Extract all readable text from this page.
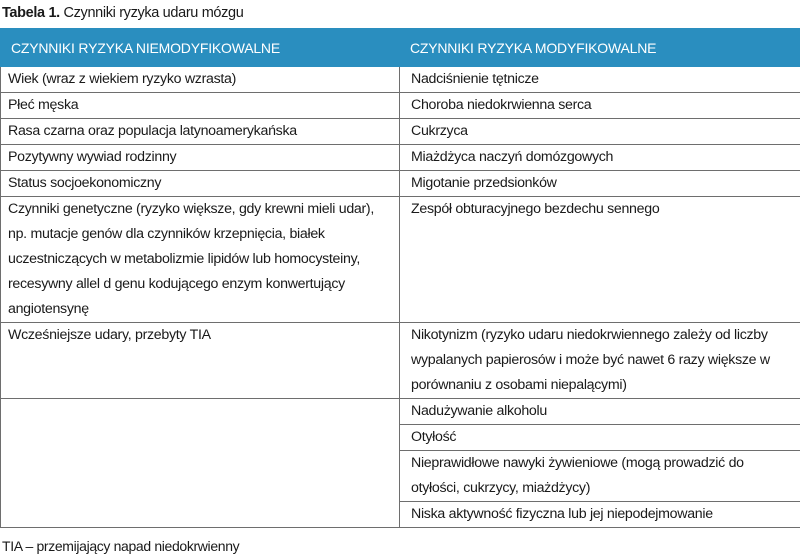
Tabela 1. Czynniki ryzyka udaru mózgu
CZYNNIKI RYZYKA NIEMODYFIKOWALNE	CZYNNIKI RYZYKA MODYFIKOWALNE
Wiek (wraz z wiekiem ryzyko wzrasta)	Nadciśnienie tętnicze
Płeć męska	Choroba niedokrwienna serca
Rasa czarna oraz populacja latynoamerykańska	Cukrzyca
Pozytywny wywiad rodzinny	Miażdżyca naczyń domózgowych
Status socjoekonomiczny	Migotanie przedsionków
Czynniki genetyczne (ryzyko większe, gdy krewni mieli udar), np. mutacje genów dla czynników krzepnięcia, białek uczestniczących w metabolizmie lipidów lub homocysteiny, recesywny allel d genu kodującego enzym konwertujący angiotensynę	Zespół obturacyjnego bezdechu sennego
Wcześniejsze udary, przebyty TIA	Nikotynizm (ryzyko udaru niedokrwiennego zależy od liczby wypalanych papierosów i może być nawet 6 razy większe w porównaniu z osobami niepalącymi)
	Nadużywanie alkoholu
	Otyłość
	Nieprawidłowe nawyki żywieniowe (mogą prowadzić do otyłości, cukrzycy, miażdżycy)
	Niska aktywność fizyczna lub jej niepodejmowanie
TIA – przemijający napad niedokrwienny
